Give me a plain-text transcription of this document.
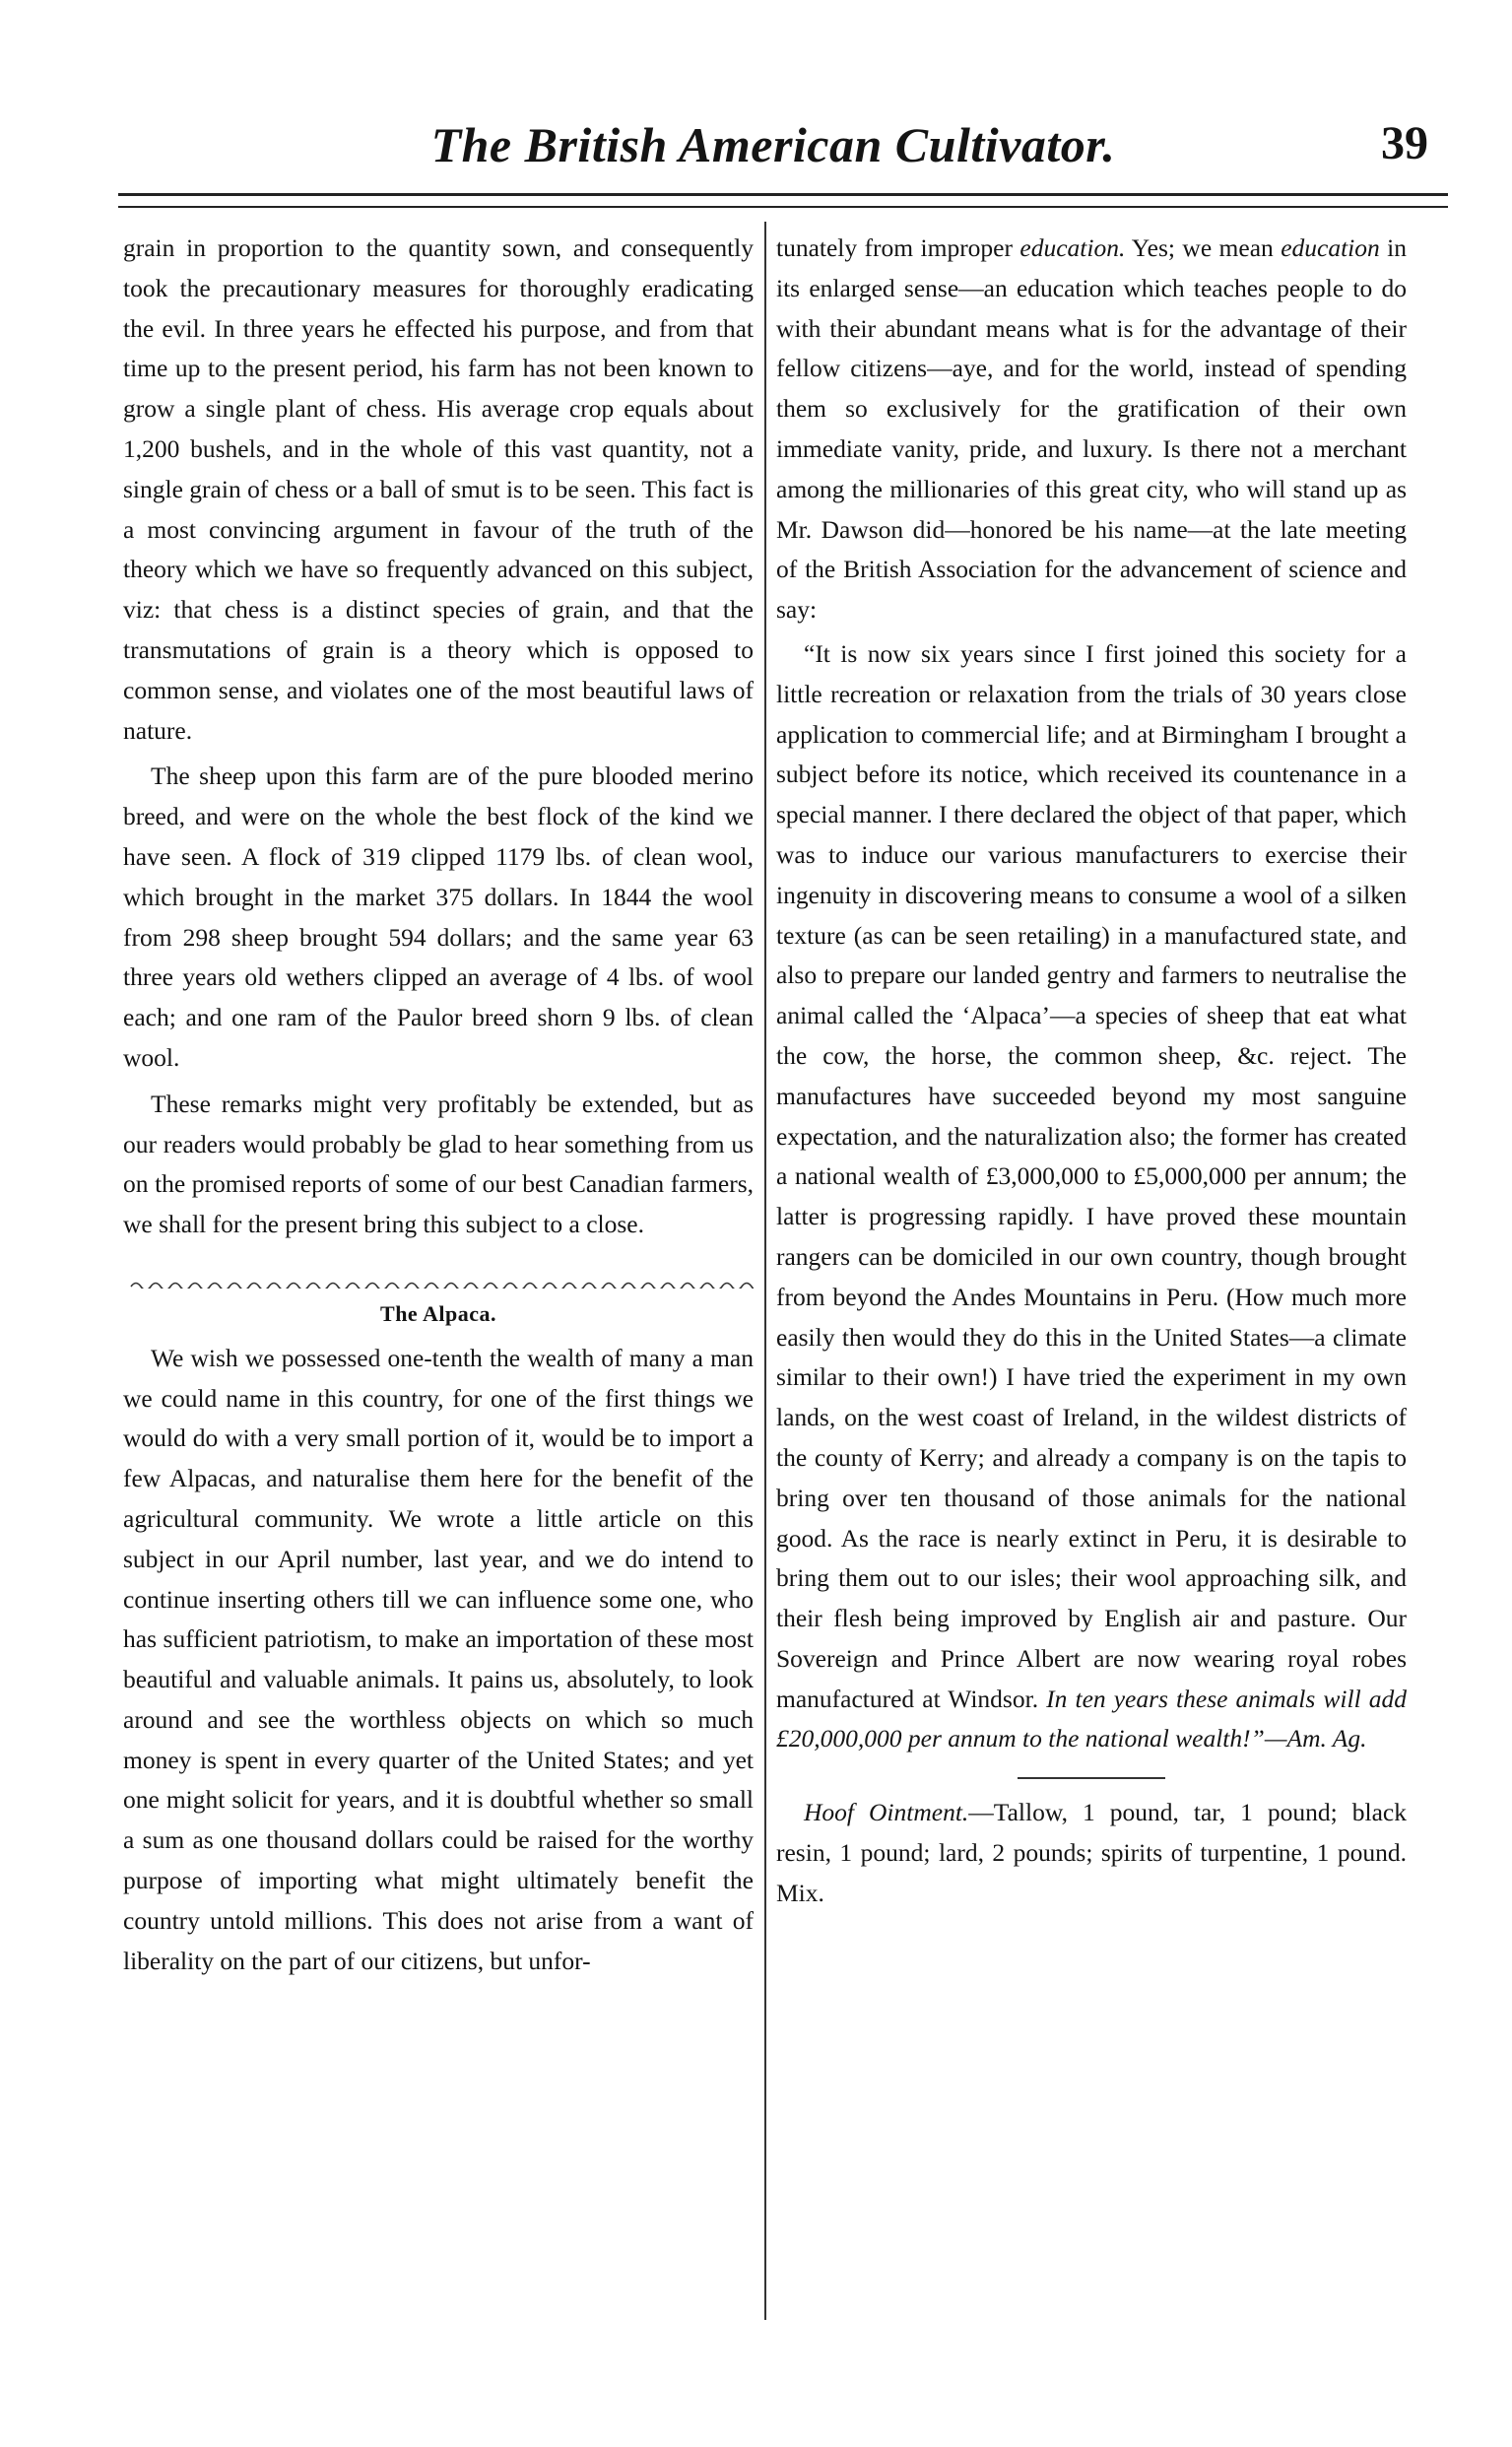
The British American Cultivator.	39

grain in proportion to the quantity sown, and consequently took the precautionary measures for thoroughly eradicating the evil. In three years he effected his purpose, and from that time up to the present period, his farm has not been known to grow a single plant of chess. His average crop equals about 1,200 bushels, and in the whole of this vast quantity, not a single grain of chess or a ball of smut is to be seen. This fact is a most convincing argument in favour of the truth of the theory which we have so frequently advanced on this subject, viz: that chess is a distinct species of grain, and that the transmutations of grain is a theory which is opposed to common sense, and violates one of the most beautiful laws of nature.

The sheep upon this farm are of the pure blooded merino breed, and were on the whole the best flock of the kind we have seen. A flock of 319 clipped 1179 lbs. of clean wool, which brought in the market 375 dollars. In 1844 the wool from 298 sheep brought 594 dollars; and the same year 63 three years old wethers clipped an average of 4 lbs. of wool each; and one ram of the Paulor breed shorn 9 lbs. of clean wool.

These remarks might very profitably be extended, but as our readers would probably be glad to hear something from us on the promised reports of some of our best Canadian farmers, we shall for the present bring this subject to a close.

The Alpaca.

We wish we possessed one-tenth the wealth of many a man we could name in this country, for one of the first things we would do with a very small portion of it, would be to import a few Alpacas, and naturalise them here for the benefit of the agricultural community. We wrote a little article on this subject in our April number, last year, and we do intend to continue inserting others till we can influence some one, who has sufficient patriotism, to make an importation of these most beautiful and valuable animals. It pains us, absolutely, to look around and see the worthless objects on which so much money is spent in every quarter of the United States; and yet one might solicit for years, and it is doubtful whether so small a sum as one thousand dollars could be raised for the worthy purpose of importing what might ultimately benefit the country untold millions. This does not arise from a want of liberality on the part of our citizens, but unfor-

tunately from improper education. Yes; we mean education in its enlarged sense—an education which teaches people to do with their abundant means what is for the advantage of their fellow citizens—aye, and for the world, instead of spending them so exclusively for the gratification of their own immediate vanity, pride, and luxury. Is there not a merchant among the millionaries of this great city, who will stand up as Mr. Dawson did—honored be his name—at the late meeting of the British Association for the advancement of science and say:

“It is now six years since I first joined this society for a little recreation or relaxation from the trials of 30 years close application to commercial life; and at Birmingham I brought a subject before its notice, which received its countenance in a special manner. I there declared the object of that paper, which was to induce our various manufacturers to exercise their ingenuity in discovering means to consume a wool of a silken texture (as can be seen retailing) in a manufactured state, and also to prepare our landed gentry and farmers to neutralise the animal called the ‘Alpaca’—a species of sheep that eat what the cow, the horse, the common sheep, &c. reject. The manufactures have succeeded beyond my most sanguine expectation, and the naturalization also; the former has created a national wealth of £3,000,000 to £5,000,000 per annum; the latter is progressing rapidly. I have proved these mountain rangers can be domiciled in our own country, though brought from beyond the Andes Mountains in Peru. (How much more easily then would they do this in the United States—a climate similar to their own!) I have tried the experiment in my own lands, on the west coast of Ireland, in the wildest districts of the county of Kerry; and already a company is on the tapis to bring over ten thousand of those animals for the national good. As the race is nearly extinct in Peru, it is desirable to bring them out to our isles; their wool approaching silk, and their flesh being improved by English air and pasture. Our Sovereign and Prince Albert are now wearing royal robes manufactured at Windsor. In ten years these animals will add £20,000,000 per annum to the national wealth!”—Am. Ag.

Hoof Ointment.—Tallow, 1 pound, tar, 1 pound; black resin, 1 pound; lard, 2 pounds; spirits of turpentine, 1 pound. Mix.
